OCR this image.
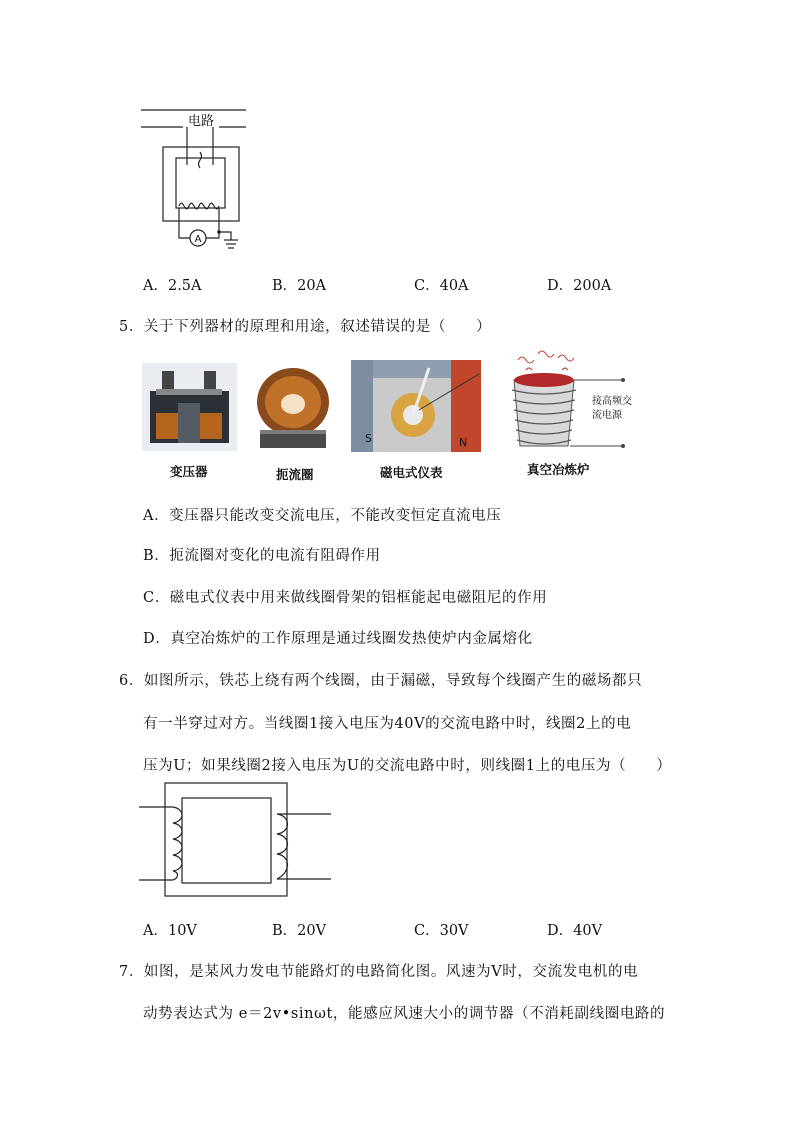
电路
A
A．2.5A	B．20A	C．40A	D．200A
5．关于下列器材的原理和用途，叙述错误的是（　　）
S	N
接高频交
流电源
变压器	扼流圈	磁电式仪表	真空冶炼炉
A．变压器只能改变交流电压，不能改变恒定直流电压
B．扼流圈对变化的电流有阻碍作用
C．磁电式仪表中用来做线圈骨架的铝框能起电磁阻尼的作用
D．真空冶炼炉的工作原理是通过线圈发热使炉内金属熔化
6．如图所示，铁芯上绕有两个线圈，由于漏磁，导致每个线圈产生的磁场都只
有一半穿过对方。当线圈1接入电压为40V的交流电路中时，线圈2上的电
压为U；如果线圈2接入电压为U的交流电路中时，则线圈1上的电压为（　　）
A．10V	B．20V	C．30V	D．40V
7．如图，是某风力发电节能路灯的电路简化图。风速为V时，交流发电机的电
动势表达式为 e＝2v•sinωt，能感应风速大小的调节器（不消耗副线圈电路的
